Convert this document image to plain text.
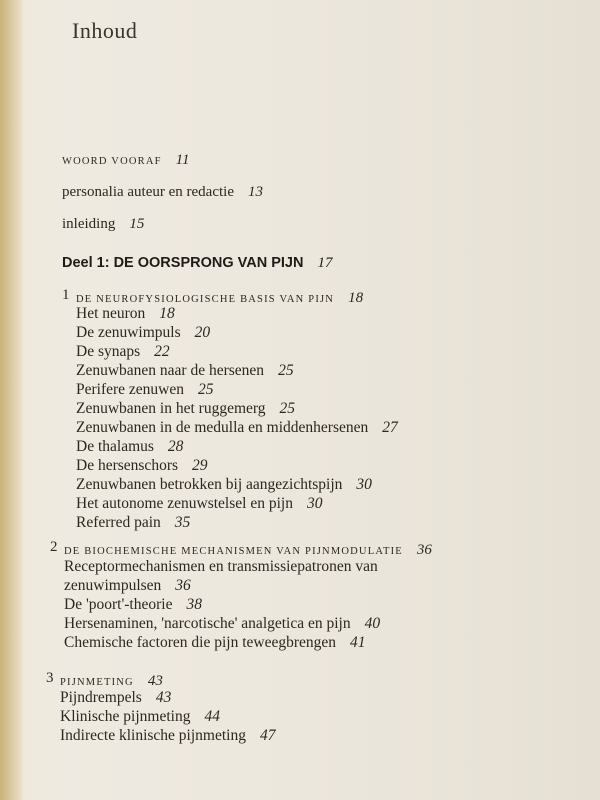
Inhoud
WOORD VOORAF 11
personalia auteur en redactie 13
inleiding 15
Deel 1: DE OORSPRONG VAN PIJN 17
1 DE NEUROFYSIOLOGISCHE BASIS VAN PIJN 18
Het neuron 18
De zenuwimpuls 20
De synaps 22
Zenuwbanen naar de hersenen 25
Perifere zenuwen 25
Zenuwbanen in het ruggemerg 25
Zenuwbanen in de medulla en middenhersenen 27
De thalamus 28
De hersenschors 29
Zenuwbanen betrokken bij aangezichtspijn 30
Het autonome zenuwstelsel en pijn 30
Referred pain 35
2 DE BIOCHEMISCHE MECHANISMEN VAN PIJNMODULATIE 36
Receptormechanismen en transmissiepatronen van
zenuwimpulsen 36
De 'poort'-theorie 38
Hersenaminen, 'narcotische' analgetica en pijn 40
Chemische factoren die pijn teweegbrengen 41
3 PIJNMETING 43
Pijndrempels 43
Klinische pijnmeting 44
Indirecte klinische pijnmeting 47
